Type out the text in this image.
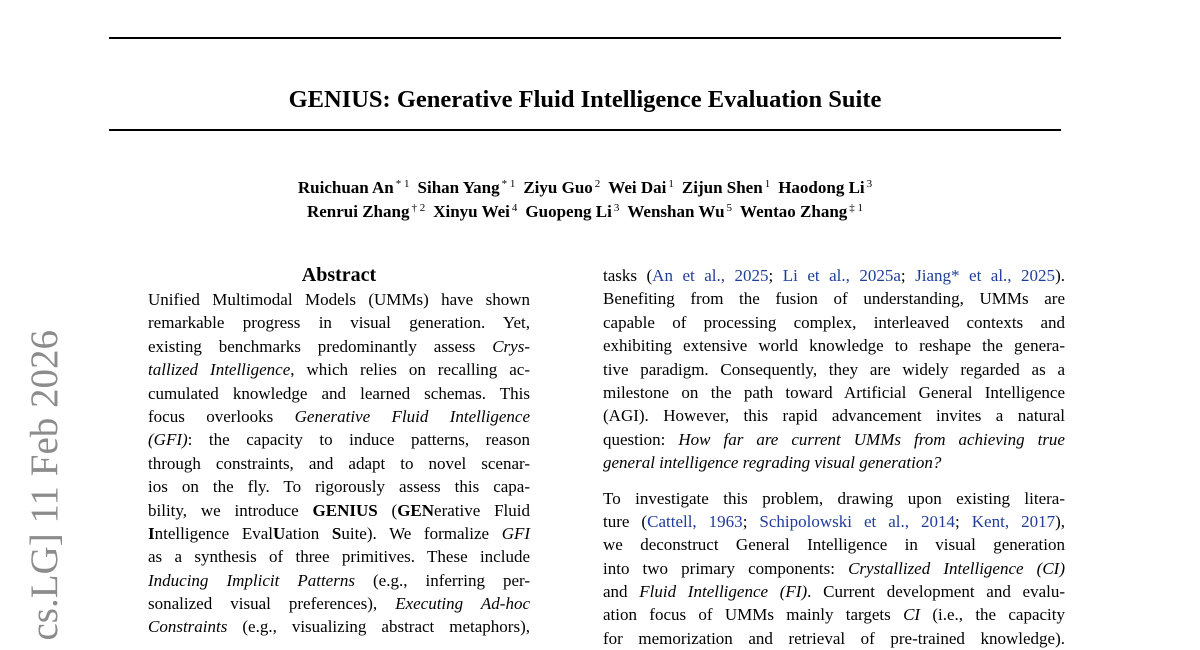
GENIUS: Generative Fluid Intelligence Evaluation Suite
Ruichuan An $^{* 1}$ Sihan Yang $^{* 1}$ Ziyu Guo $^2$ Wei Dai $^1$ Zijun Shen $^1$ Haodong Li $^3$
Renrui Zhang $^{\dagger 2}$ Xinyu Wei $^4$ Guopeng Li $^3$ Wenshan Wu $^5$ Wentao Zhang $^{\ddagger 1}$
cs.LG] 11 Feb 2026
Abstract
Unified Multimodal Models (UMMs) have shown
remarkable progress in visual generation. Yet,
existing benchmarks predominantly assess Crys-
tallized Intelligence, which relies on recalling ac-
cumulated knowledge and learned schemas. This
focus overlooks Generative Fluid Intelligence
(GFI): the capacity to induce patterns, reason
through constraints, and adapt to novel scenar-
ios on the fly. To rigorously assess this capa-
bility, we introduce GENIUS (GENerative Fluid
Intelligence EvalUation Suite). We formalize GFI
as a synthesis of three primitives. These include
Inducing Implicit Patterns (e.g., inferring per-
sonalized visual preferences), Executing Ad-hoc
Constraints (e.g., visualizing abstract metaphors),
tasks (An et al., 2025; Li et al., 2025a; Jiang* et al., 2025).
Benefiting from the fusion of understanding, UMMs are
capable of processing complex, interleaved contexts and
exhibiting extensive world knowledge to reshape the genera-
tive paradigm. Consequently, they are widely regarded as a
milestone on the path toward Artificial General Intelligence
(AGI). However, this rapid advancement invites a natural
question: How far are current UMMs from achieving true
general intelligence regrading visual generation?
To investigate this problem, drawing upon existing litera-
ture (Cattell, 1963; Schipolowski et al., 2014; Kent, 2017),
we deconstruct General Intelligence in visual generation
into two primary components: Crystallized Intelligence (CI)
and Fluid Intelligence (FI). Current development and evalu-
ation focus of UMMs mainly targets CI (i.e., the capacity
for memorization and retrieval of pre-trained knowledge).
